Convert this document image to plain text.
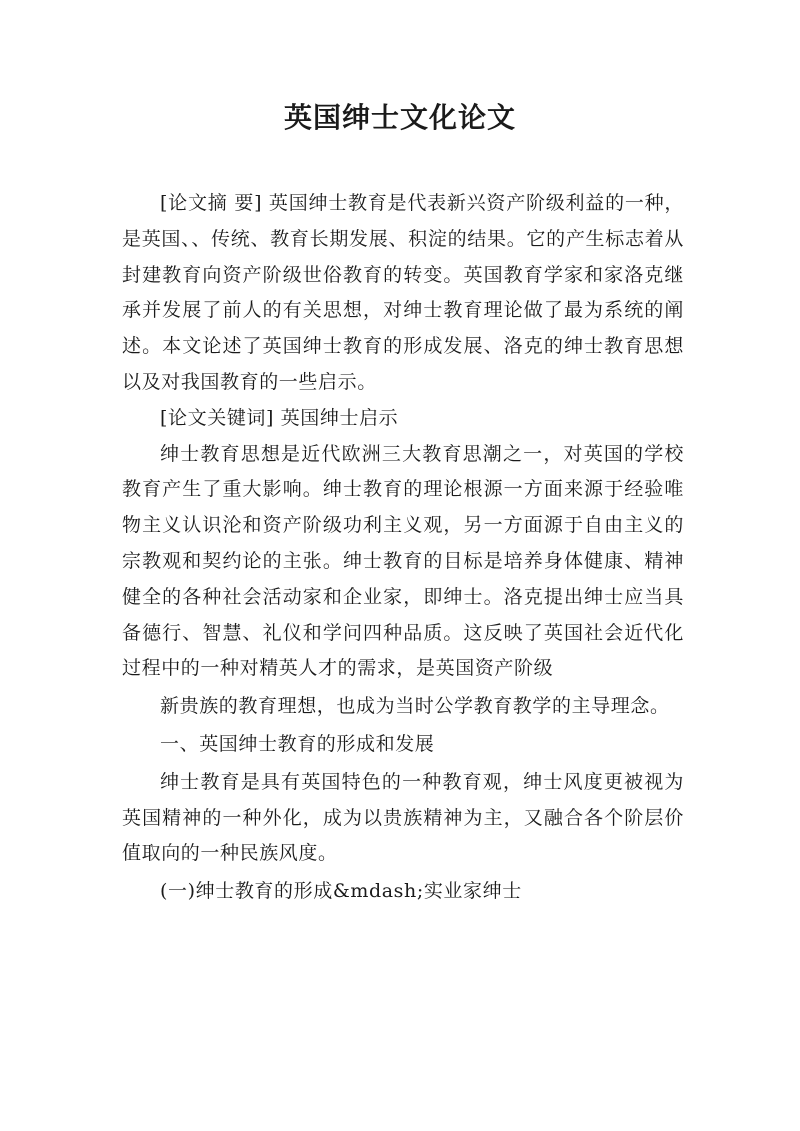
英国绅士文化论文

[论文摘 要] 英国绅士教育是代表新兴资产阶级利益的一种，是英国、、传统、教育长期发展、积淀的结果。它的产生标志着从封建教育向资产阶级世俗教育的转变。英国教育学家和家洛克继承并发展了前人的有关思想，对绅士教育理论做了最为系统的阐述。本文论述了英国绅士教育的形成发展、洛克的绅士教育思想以及对我国教育的一些启示。

[论文关键词] 英国绅士启示

绅士教育思想是近代欧洲三大教育思潮之一，对英国的学校教育产生了重大影响。绅士教育的理论根源一方面来源于经验唯物主义认识沦和资产阶级功利主义观，另一方面源于自由主义的宗教观和契约论的主张。绅士教育的目标是培养身体健康、精神健全的各种社会活动家和企业家，即绅士。洛克提出绅士应当具备德行、智慧、礼仪和学问四种品质。这反映了英国社会近代化过程中的一种对精英人才的需求，是英国资产阶级

新贵族的教育理想，也成为当时公学教育教学的主导理念。

一、英国绅士教育的形成和发展

绅士教育是具有英国特色的一种教育观，绅士风度更被视为英国精神的一种外化，成为以贵族精神为主，又融合各个阶层价值取向的一种民族风度。

(一)绅士教育的形成&mdash;实业家绅士
